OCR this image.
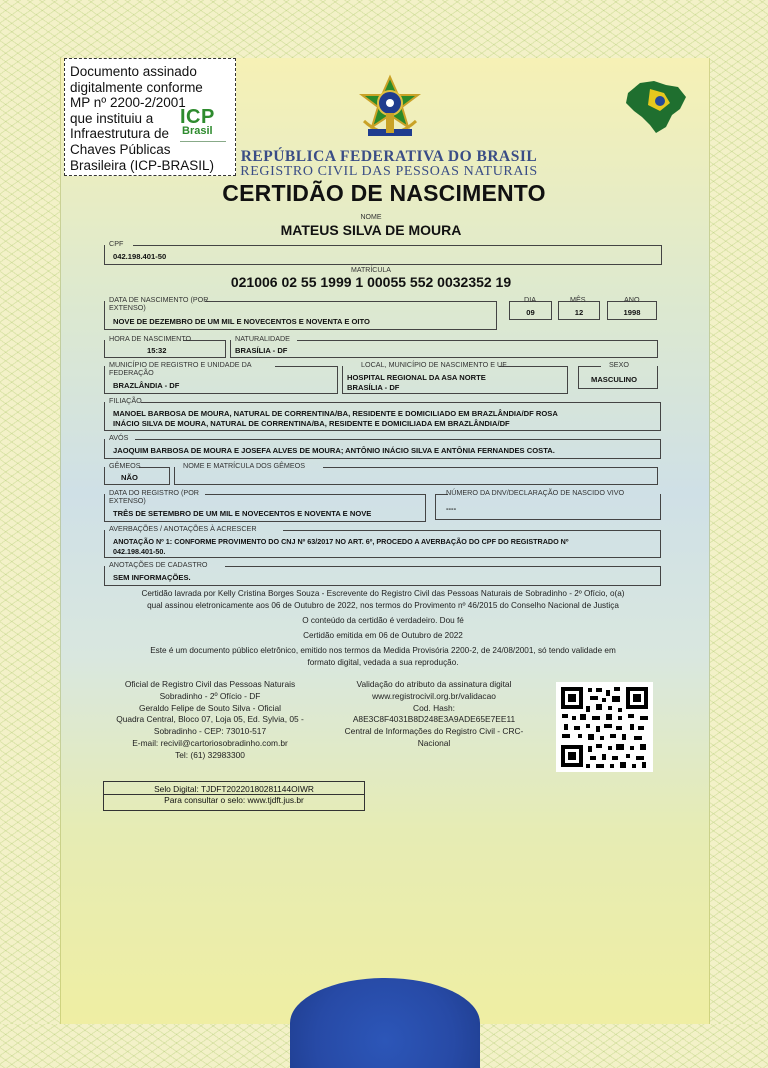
Documento assinado
digitalmente conforme
MP nº 2200-2/2001
que instituiu a
Infraestrutura de
Chaves Públicas
Brasileira (ICP-BRASIL)
ICP
Brasil
REPÚBLICA FEDERATIVA DO BRASIL
REGISTRO CIVIL DAS PESSOAS NATURAIS
CERTIDÃO DE NASCIMENTO
NOME
MATEUS SILVA DE MOURA
CPF
042.198.401-50
MATRÍCULA
021006 02 55 1999 1 00055 552 0032352 19
DATA DE NASCIMENTO (POR EXTENSO)
NOVE DE DEZEMBRO DE UM MIL E NOVECENTOS E NOVENTA E OITO
DIA
09
MÊS
12
ANO
1998
HORA DE NASCIMENTO
15:32
NATURALIDADE
BRASÍLIA - DF
MUNICÍPIO DE REGISTRO E UNIDADE DA FEDERAÇÃO
BRAZLÂNDIA - DF
LOCAL, MUNICÍPIO DE NASCIMENTO E UF
HOSPITAL REGIONAL DA ASA NORTE
BRASÍLIA - DF
SEXO
MASCULINO
FILIAÇÃO
MANOEL BARBOSA DE MOURA, NATURAL DE CORRENTINA/BA, RESIDENTE E DOMICILIADO EM BRAZLÂNDIA/DF ROSA
INÁCIO SILVA DE MOURA, NATURAL DE CORRENTINA/BA, RESIDENTE E DOMICILIADA EM BRAZLÂNDIA/DF
AVÓS
JAOQUIM BARBOSA DE MOURA E JOSEFA ALVES DE MOURA; ANTÔNIO INÁCIO SILVA E ANTÔNIA FERNANDES COSTA.
GÊMEOS
NÃO
NOME E MATRÍCULA DOS GÊMEOS
DATA DO REGISTRO (POR EXTENSO)
TRÊS DE SETEMBRO DE UM MIL E NOVECENTOS E NOVENTA E NOVE
NÚMERO DA DNV/DECLARAÇÃO DE NASCIDO VIVO
----
AVERBAÇÕES / ANOTAÇÕES À ACRESCER
ANOTAÇÃO Nº 1: CONFORME PROVIMENTO DO CNJ Nº 63/2017 NO ART. 6º, PROCEDO A AVERBAÇÃO DO CPF DO REGISTRADO Nº
042.198.401-50.
ANOTAÇÕES DE CADASTRO
SEM INFORMAÇÕES.
Certidão lavrada por Kelly Cristina Borges Souza - Escrevente do Registro Civil das Pessoas Naturais de Sobradinho - 2º Ofício, o(a)
qual assinou eletronicamente aos 06 de Outubro de 2022, nos termos do Provimento nº 46/2015 do Conselho Nacional de Justiça
O conteúdo da certidão é verdadeiro. Dou fé
Certidão emitida em 06 de Outubro de 2022
Este é um documento público eletrônico, emitido nos termos da Medida Provisória 2200-2, de 24/08/2001, só tendo validade em
formato digital, vedada a sua reprodução.
Oficial de Registro Civil das Pessoas Naturais
Sobradinho - 2º Ofício - DF
Geraldo Felipe de Souto Silva - Oficial
Quadra Central, Bloco 07, Loja 05, Ed. Sylvia, 05 -
Sobradinho - CEP: 73010-517
E-mail: recivil@cartoriosobradinho.com.br
Tel: (61) 32983300
Validação do atributo da assinatura digital
www.registrocivil.org.br/validacao
Cod. Hash:
A8E3C8F4031B8D248E3A9ADE65E7EE11
Central de Informações do Registro Civil - CRC-
Nacional
Selo Digital: TJDFT20220180281144OIWR
Para consultar o selo: www.tjdft.jus.br
